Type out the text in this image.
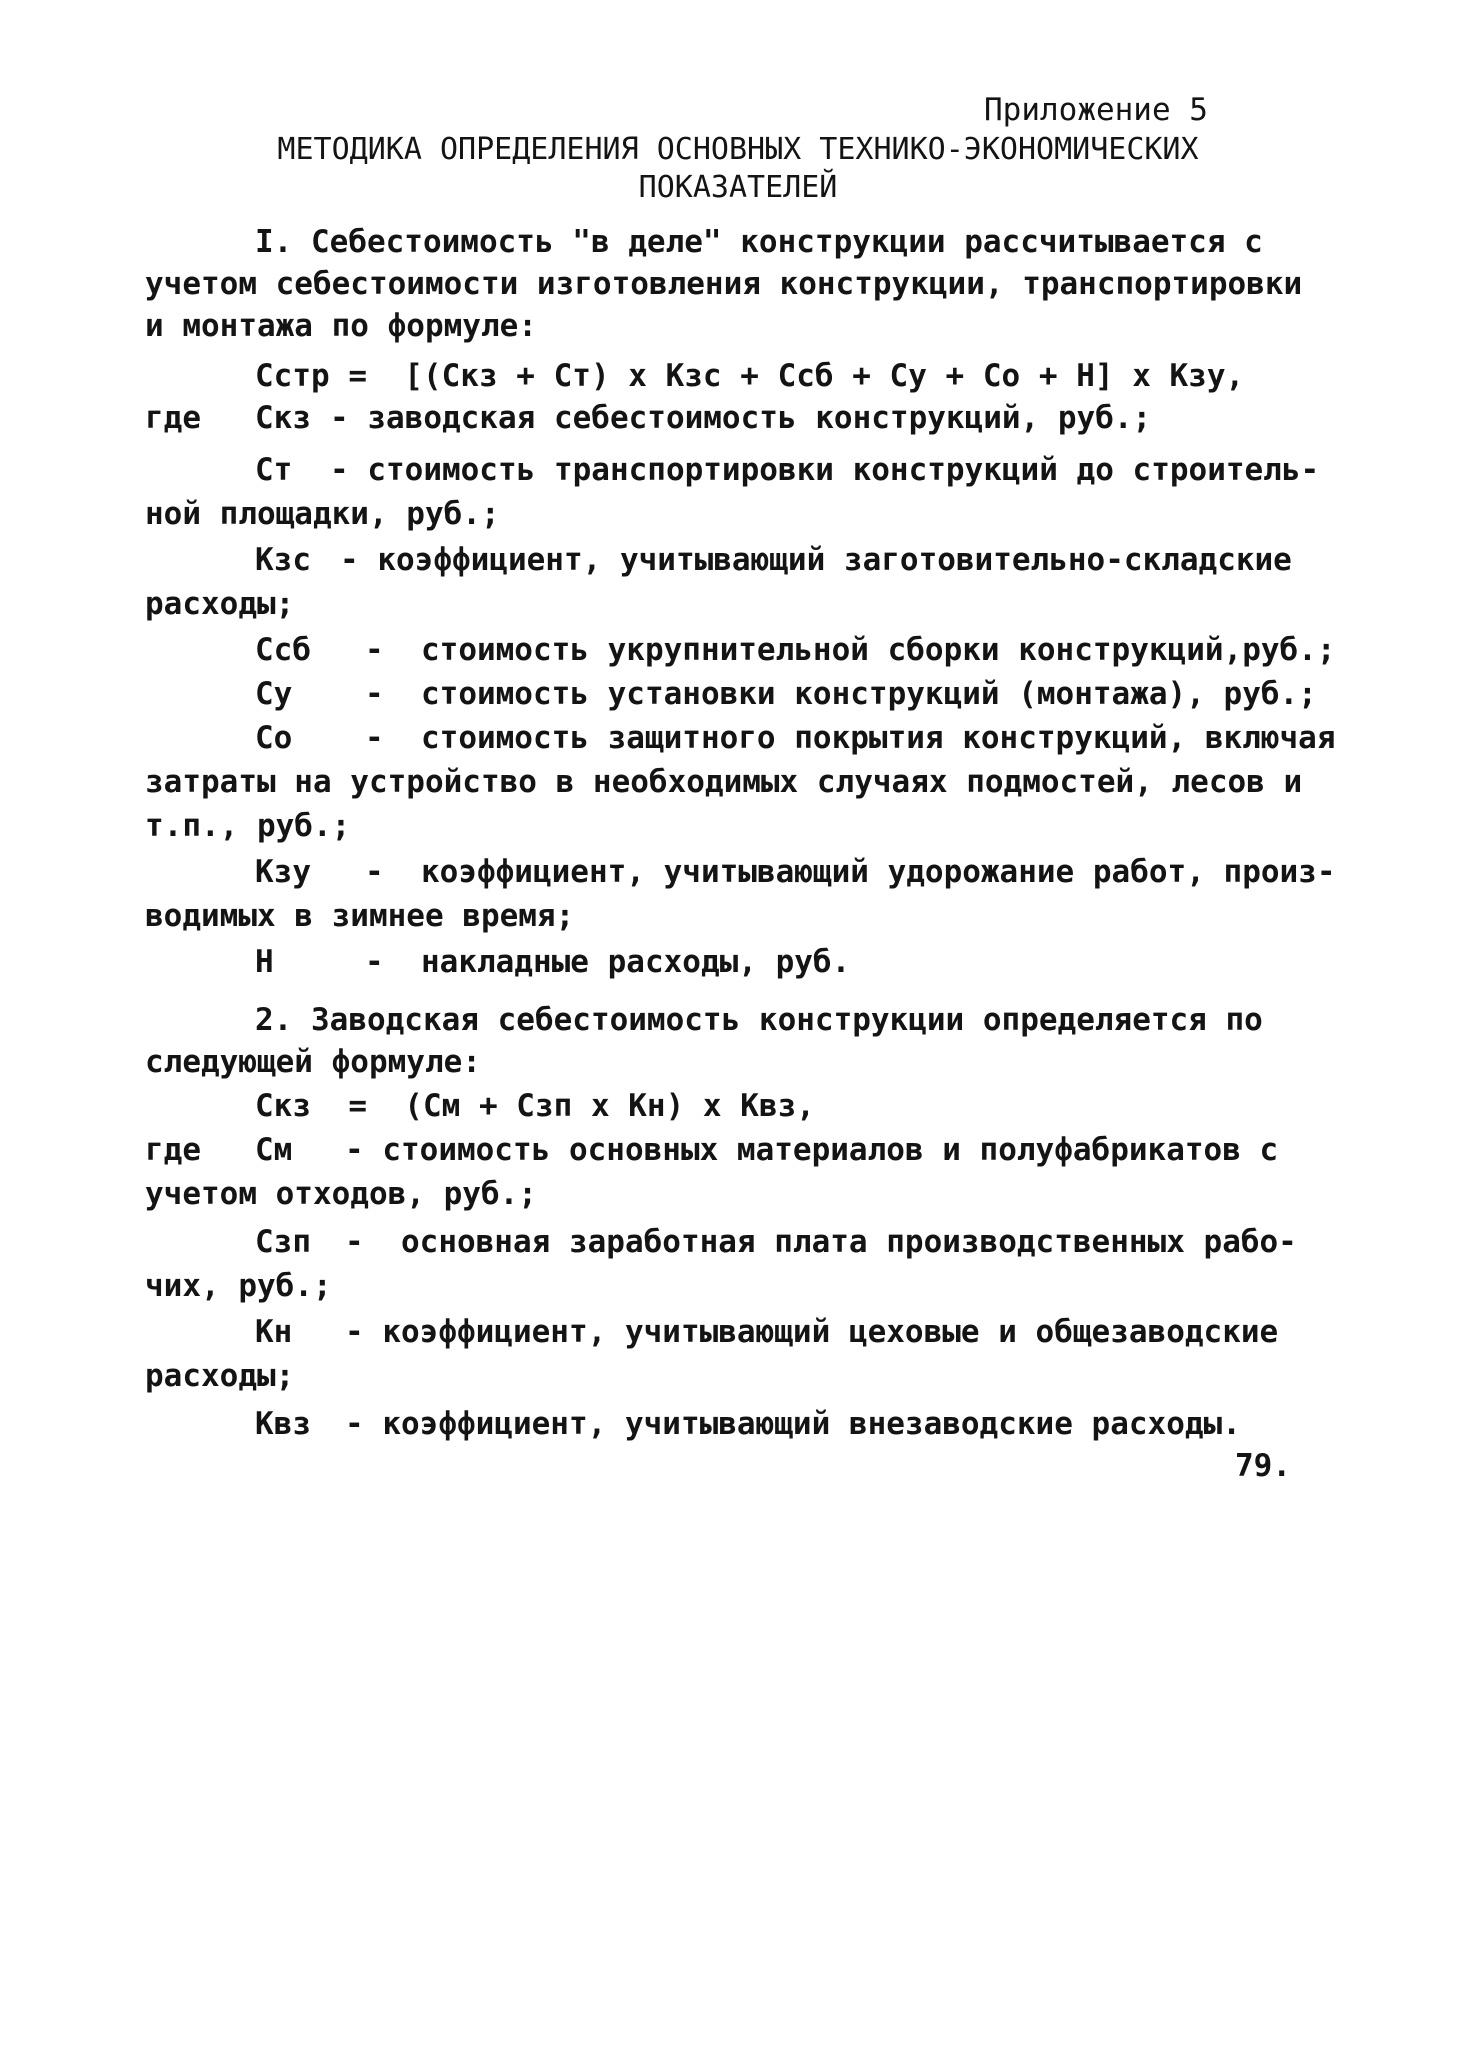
Приложение 5
МЕТОДИКА ОПРЕДЕЛЕНИЯ ОСНОВНЫХ ТЕХНИКО-ЭКОНОМИЧЕСКИХ
ПОКАЗАТЕЛЕЙ
I. Себестоимость "в деле" конструкции рассчитывается с
учетом себестоимости изготовления конструкции, транспортировки
и монтажа по формуле:
Сстр =  [(Скз + Ст) х Кзс + Ссб + Су + Со + Н] х Кзу,
где Скз - заводская себестоимость конструкций, руб.;
Ст - стоимость транспортировки конструкций до строитель-
ной площадки, руб.;
Кзс - коэффициент, учитывающий заготовительно-складские
расходы;
Ссб -  стоимость укрупнительной сборки конструкций,руб.;
Су -  стоимость установки конструкций (монтажа), руб.;
Со -  стоимость защитного покрытия конструкций, включая
затраты на устройство в необходимых случаях подмостей, лесов и
т.п., руб.;
Кзу -  коэффициент, учитывающий удорожание работ, произ-
водимых в зимнее время;
Н	-  накладные расходы, руб.
2. Заводская себестоимость конструкции определяется по
следующей формуле:
Скз  =  (См + Сзп х Кн) х Квз,
где См - стоимость основных материалов и полуфабрикатов с
учетом отходов, руб.;
Сзп -  основная заработная плата производственных рабо-
чих, руб.;
Кн - коэффициент, учитывающий цеховые и общезаводские
расходы;
Квз - коэффициент, учитывающий внезаводские расходы.
79.
